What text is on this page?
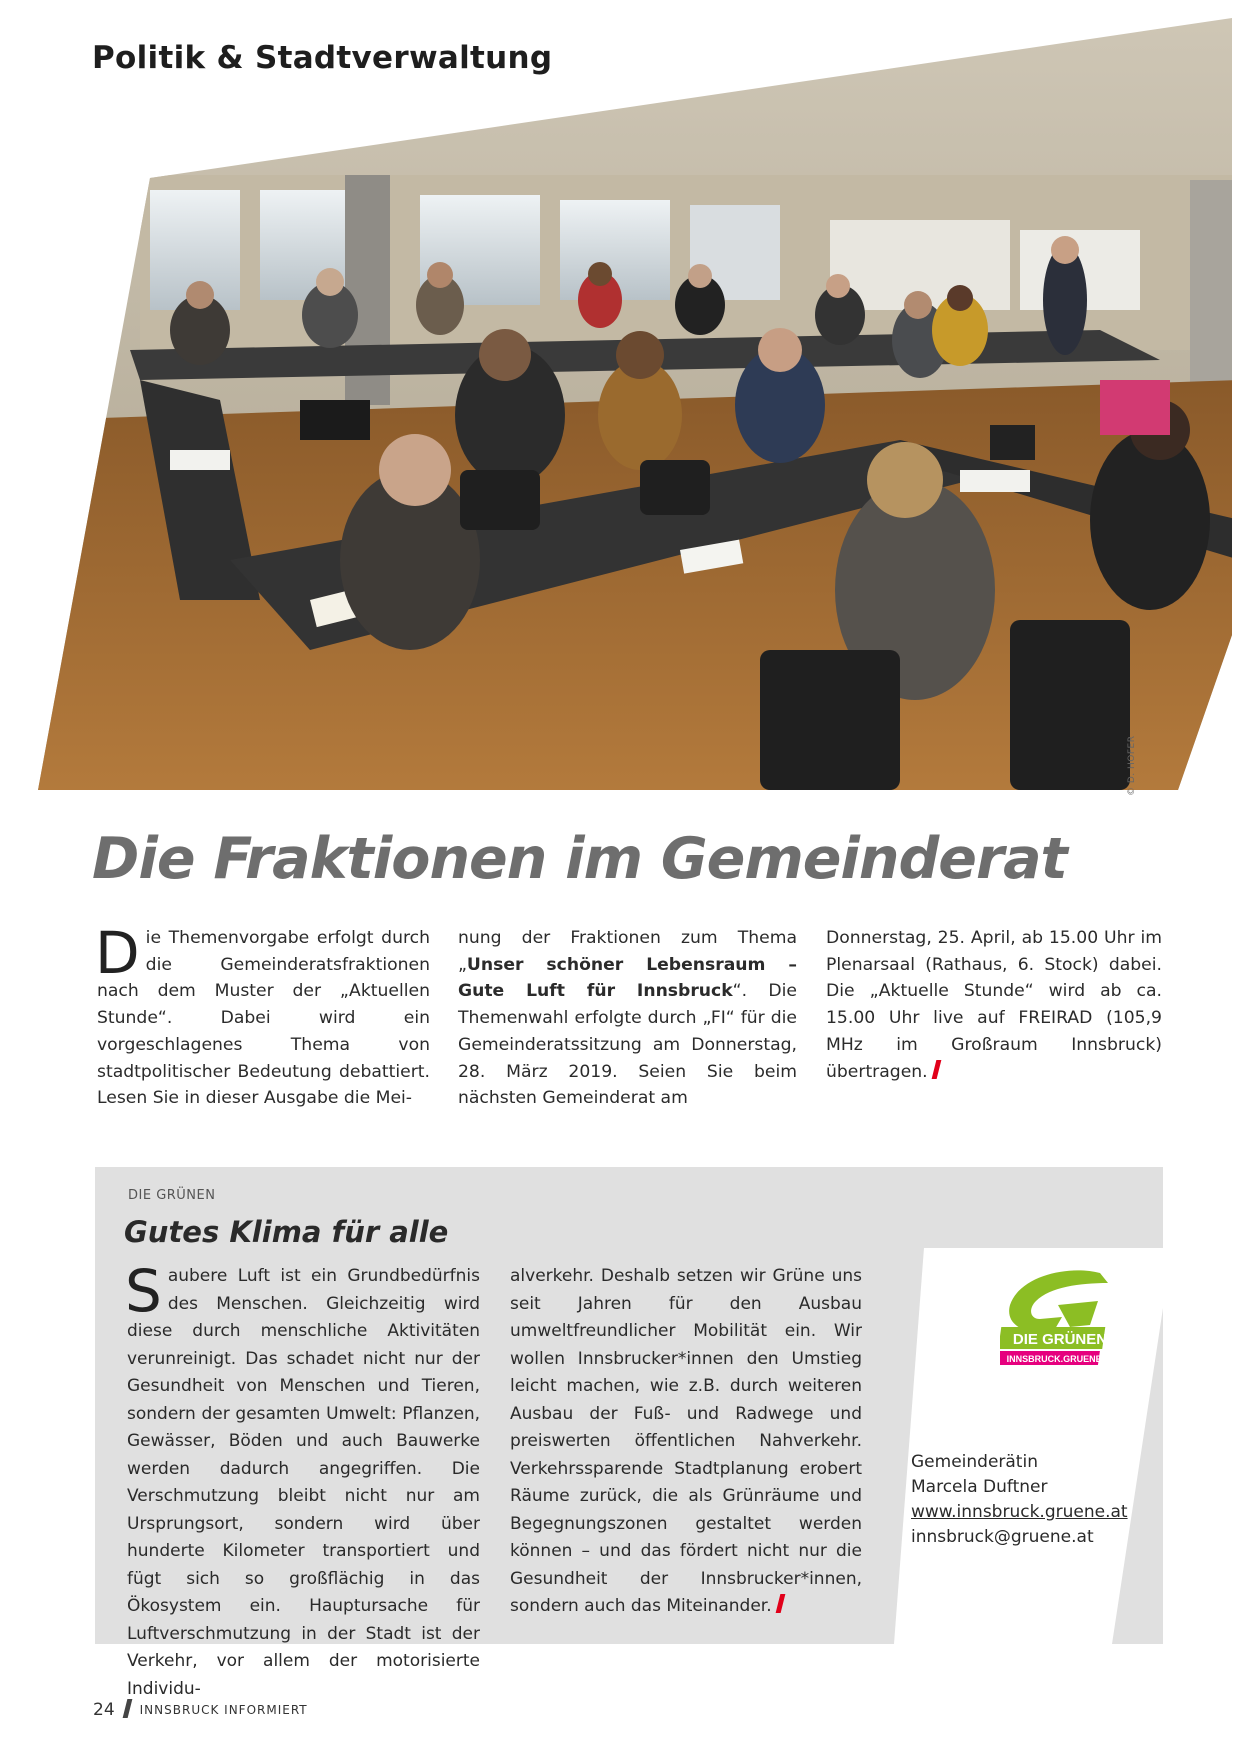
Politik & Stadtverwaltung
© D. HOFER
Die Fraktionen im Gemeinderat

Die Themenvorgabe erfolgt durch die Gemeinderatsfraktionen nach dem Muster der „Aktuellen Stunde“. Dabei wird ein vorgeschlagenes Thema von stadtpolitischer Bedeutung debattiert. Lesen Sie in dieser Ausgabe die Mei-

nung der Fraktionen zum Thema „Unser schöner Lebensraum – Gute Luft für Innsbruck“. Die Themenwahl erfolgte durch „FI“ für die Gemeinderatssitzung am Donnerstag, 28. März 2019. Seien Sie beim nächsten Gemeinderat am

Donnerstag, 25. April, ab 15.00 Uhr im Plenarsaal (Rathaus, 6. Stock) dabei. Die „Aktuelle Stunde“ wird ab ca. 15.00 Uhr live auf FREIRAD (105,9 MHz im Großraum Innsbruck) übertragen.

DIE GRÜNEN
Gutes Klima für alle

Saubere Luft ist ein Grundbedürfnis des Menschen. Gleichzeitig wird diese durch menschliche Aktivitäten verunreinigt. Das schadet nicht nur der Gesundheit von Menschen und Tieren, sondern der gesamten Umwelt: Pflanzen, Gewässer, Böden und auch Bauwerke werden dadurch angegriffen. Die Verschmutzung bleibt nicht nur am Ursprungsort, sondern wird über hunderte Kilometer transportiert und fügt sich so großflächig in das Ökosystem ein. Hauptursache für Luftverschmutzung in der Stadt ist der Verkehr, vor allem der motorisierte Individu-

alverkehr. Deshalb setzen wir Grüne uns seit Jahren für den Ausbau umweltfreundlicher Mobilität ein. Wir wollen Innsbrucker*innen den Umstieg leicht machen, wie z.B. durch weiteren Ausbau der Fuß- und Radwege und preiswerten öffentlichen Nahverkehr. Verkehrssparende Stadtplanung erobert Räume zurück, die als Grünräume und Begegnungszonen gestaltet werden können – und das fördert nicht nur die Gesundheit der Innsbrucker*innen, sondern auch das Miteinander.

DIE GRÜNEN
INNSBRUCK.GRUENE.AT
Gemeinderätin
Marcela Duftner
www.innsbruck.gruene.at
innsbruck@gruene.at
24 INNSBRUCK INFORMIERT
